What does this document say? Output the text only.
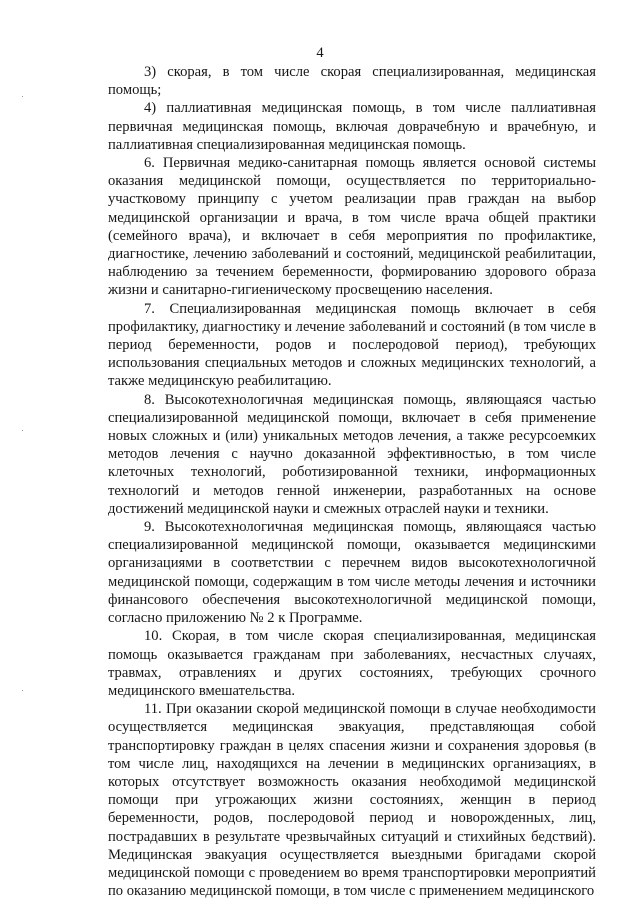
4

3) скорая, в том числе скорая специализированная, медицинская помощь;

4) паллиативная медицинская помощь, в том числе паллиативная первичная медицинская помощь, включая доврачебную и врачебную, и паллиативная специализированная медицинская помощь.

6. Первичная медико-санитарная помощь является основой системы оказания медицинской помощи, осуществляется по территориально-участковому принципу с учетом реализации прав граждан на выбор медицинской организации и врача, в том числе врача общей практики (семейного врача), и включает в себя мероприятия по профилактике, диагностике, лечению заболеваний и состояний, медицинской реабилитации, наблюдению за течением беременности, формированию здорового образа жизни и санитарно-гигиеническому просвещению населения.

7. Специализированная медицинская помощь включает в себя профилактику, диагностику и лечение заболеваний и состояний (в том числе в период беременности, родов и послеродовой период), требующих использования специальных методов и сложных медицинских технологий, а также медицинскую реабилитацию.

8. Высокотехнологичная медицинская помощь, являющаяся частью специализированной медицинской помощи, включает в себя применение новых сложных и (или) уникальных методов лечения, а также ресурсоемких методов лечения с научно доказанной эффективностью, в том числе клеточных технологий, роботизированной техники, информационных технологий и методов генной инженерии, разработанных на основе достижений медицинской науки и смежных отраслей науки и техники.

9. Высокотехнологичная медицинская помощь, являющаяся частью специализированной медицинской помощи, оказывается медицинскими организациями в соответствии с перечнем видов высокотехнологичной медицинской помощи, содержащим в том числе методы лечения и источники финансового обеспечения высокотехнологичной медицинской помощи, согласно приложению № 2 к Программе.

10. Скорая, в том числе скорая специализированная, медицинская помощь оказывается гражданам при заболеваниях, несчастных случаях, травмах, отравлениях и других состояниях, требующих срочного медицинского вмешательства.

11. При оказании скорой медицинской помощи в случае необходимости осуществляется медицинская эвакуация, представляющая собой транспортировку граждан в целях спасения жизни и сохранения здоровья (в том числе лиц, находящихся на лечении в медицинских организациях, в которых отсутствует возможность оказания необходимой медицинской помощи при угрожающих жизни состояниях, женщин в период беременности, родов, послеродовой период и новорожденных, лиц, пострадавших в результате чрезвычайных ситуаций и стихийных бедствий). Медицинская эвакуация осуществляется выездными бригадами скорой медицинской помощи с проведением во время транспортировки мероприятий по оказанию медицинской помощи, в том числе с применением медицинского
